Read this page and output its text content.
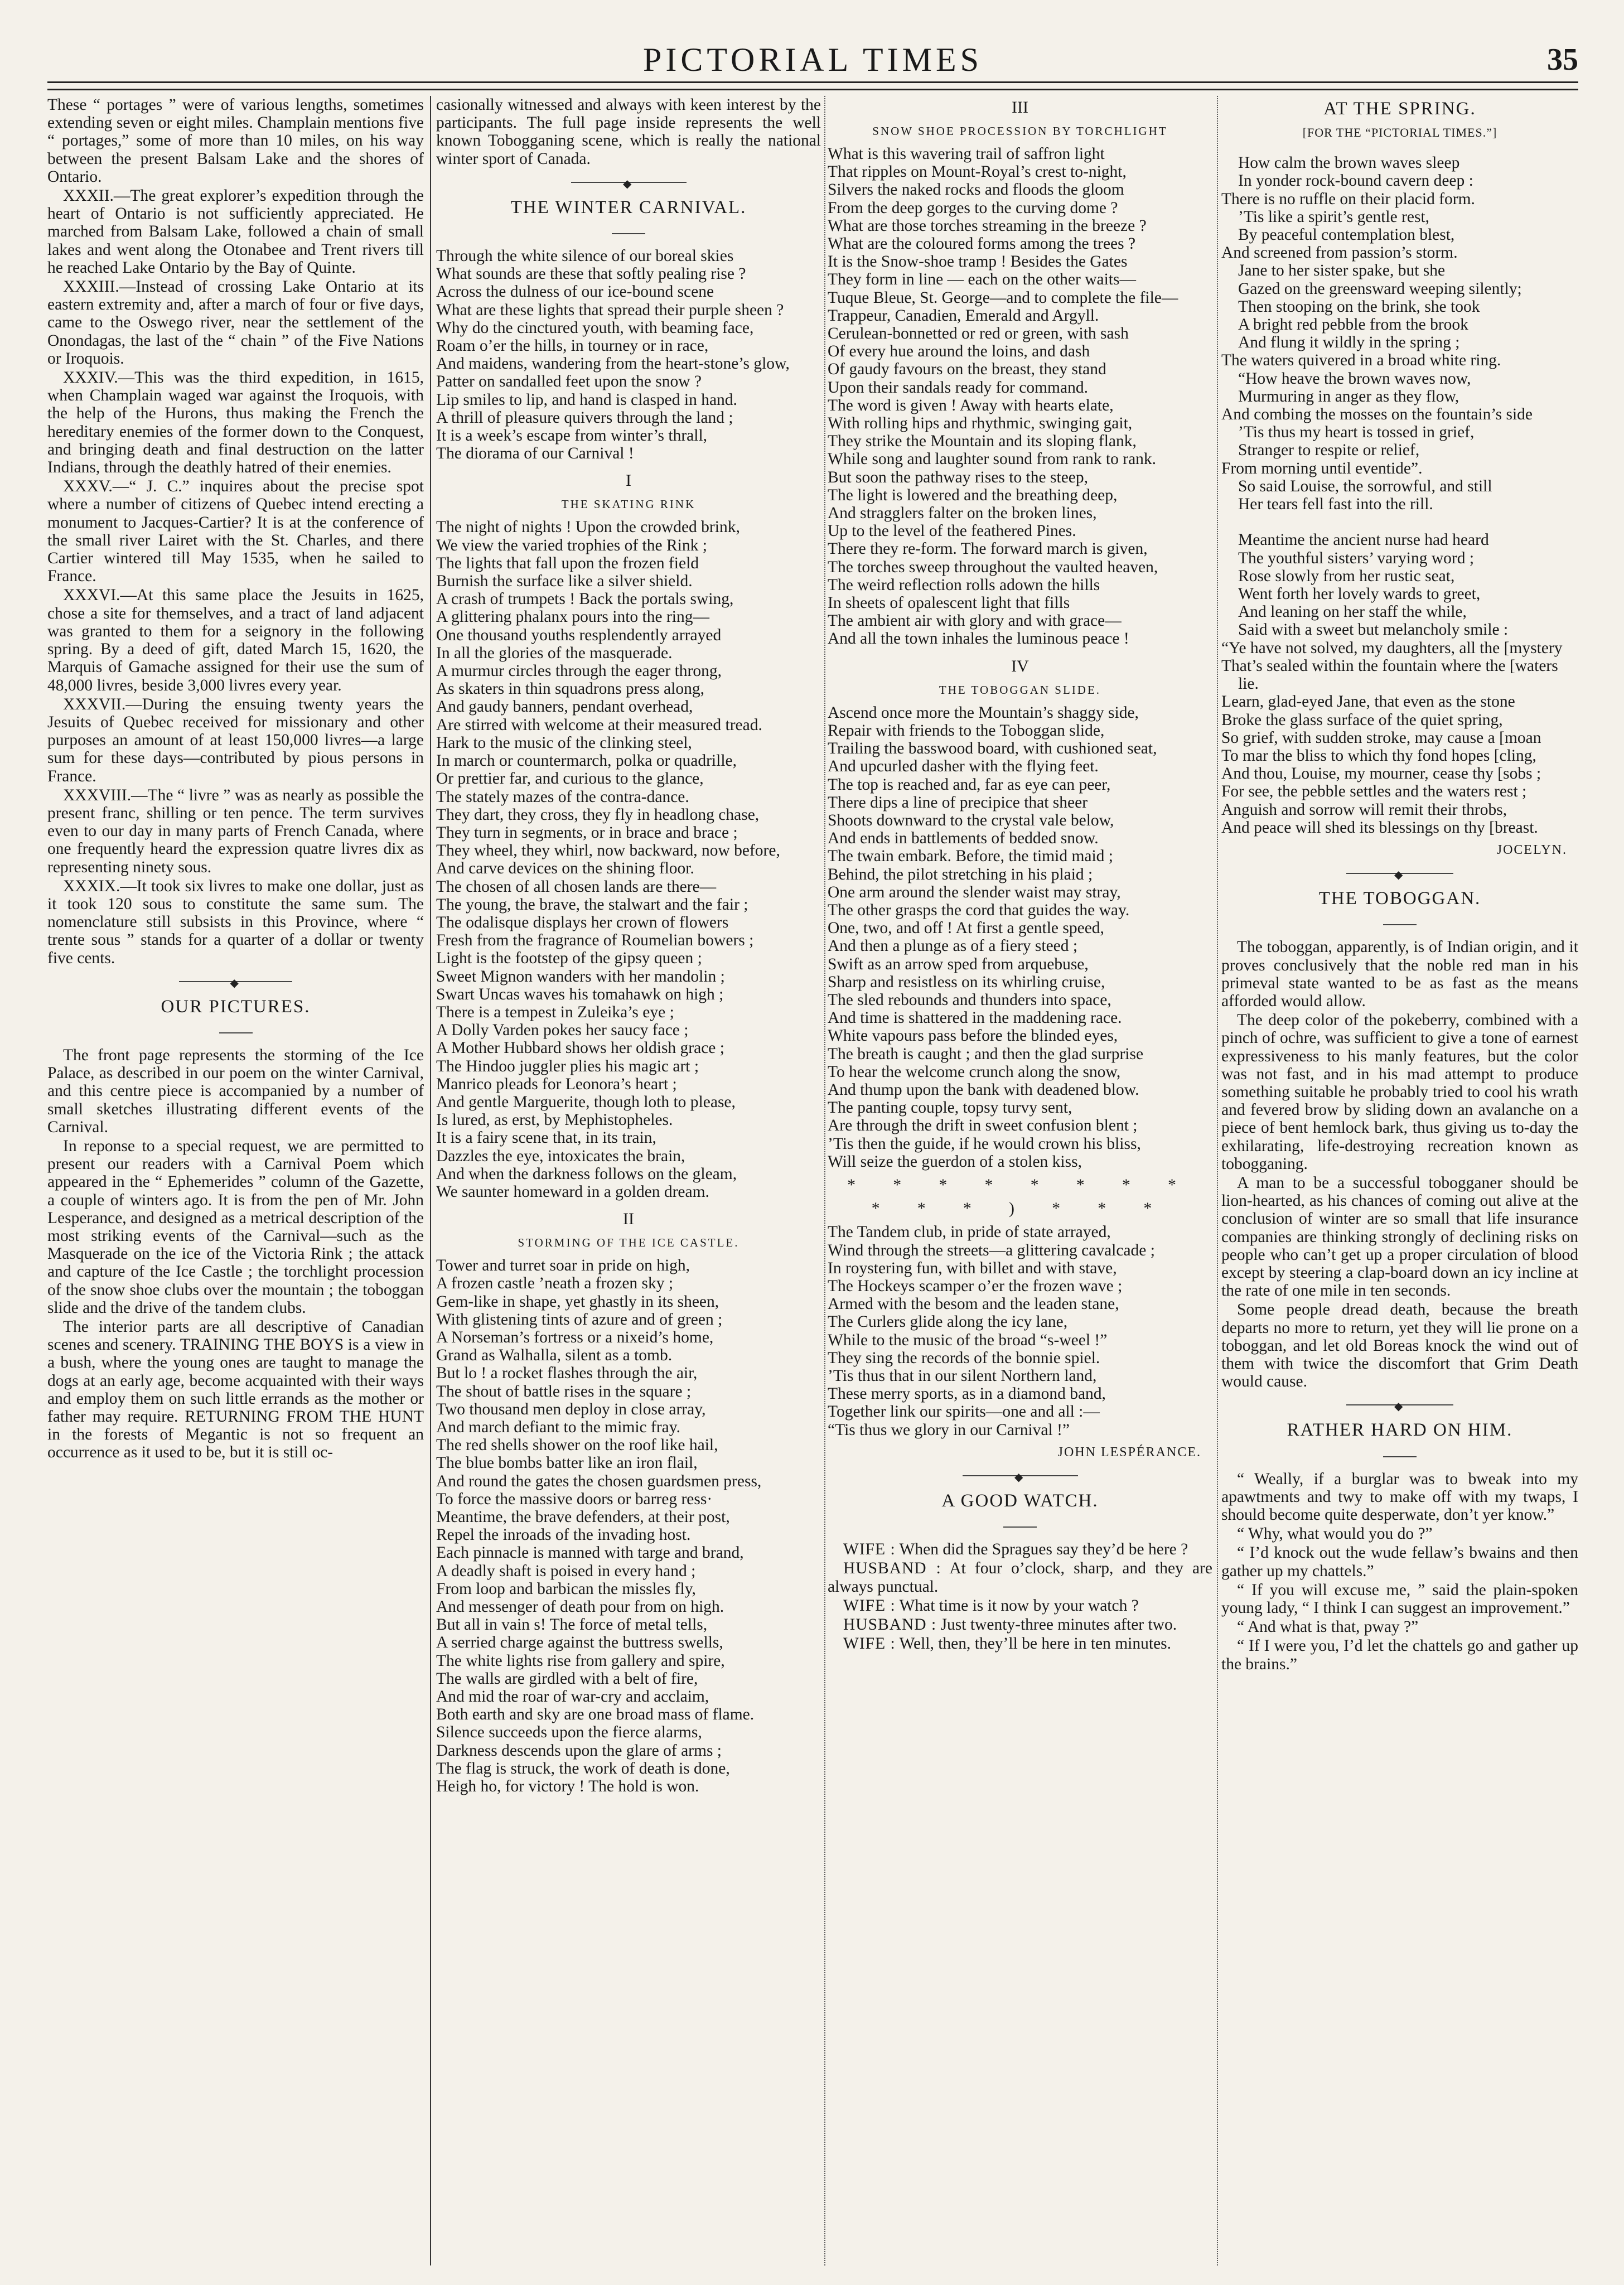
PICTORIAL TIMES	35

These “ portages ” were of various lengths, sometimes extending seven or eight miles. Champlain mentions five “ portages,” some of more than 10 miles, on his way between the present Balsam Lake and the shores of Ontario.

XXXII.—The great explorer’s expedition through the heart of Ontario is not sufficiently appreciated. He marched from Balsam Lake, followed a chain of small lakes and went along the Otonabee and Trent rivers till he reached Lake Ontario by the Bay of Quinte.

XXXIII.—Instead of crossing Lake Ontario at its eastern extremity and, after a march of four or five days, came to the Oswego river, near the settlement of the Onondagas, the last of the “ chain ” of the Five Nations or Iroquois.

XXXIV.—This was the third expedition, in 1615, when Champlain waged war against the Iroquois, with the help of the Hurons, thus making the French the hereditary enemies of the former down to the Conquest, and bringing death and final destruction on the latter Indians, through the deathly hatred of their enemies.

XXXV.—“ J. C.” inquires about the precise spot where a number of citizens of Quebec intend erecting a monument to Jacques-Cartier? It is at the conference of the small river Lairet with the St. Charles, and there Cartier wintered till May 1535, when he sailed to France.

XXXVI.—At this same place the Jesuits in 1625, chose a site for themselves, and a tract of land adjacent was granted to them for a seignory in the following spring. By a deed of gift, dated March 15, 1620, the Marquis of Gamache assigned for their use the sum of 48,000 livres, beside 3,000 livres every year.

XXXVII.—During the ensuing twenty years the Jesuits of Quebec received for missionary and other purposes an amount of at least 150,000 livres—a large sum for these days—contributed by pious persons in France.

XXXVIII.—The “ livre ” was as nearly as possible the present franc, shilling or ten pence. The term survives even to our day in many parts of French Canada, where one frequently heard the expression quatre livres dix as representing ninety sous.

XXXIX.—It took six livres to make one dollar, just as it took 120 sous to constitute the same sum. The nomenclature still subsists in this Province, where “ trente sous ” stands for a quarter of a dollar or twenty five cents.

◆
OUR PICTURES.

The front page represents the storming of the Ice Palace, as described in our poem on the winter Carnival, and this centre piece is accompanied by a number of small sketches illustrating different events of the Carnival.

In reponse to a special request, we are permitted to present our readers with a Carnival Poem which appeared in the “ Ephemerides ” column of the Gazette, a couple of winters ago. It is from the pen of Mr. John Lesperance, and designed as a metrical description of the most striking events of the Carnival—such as the Masquerade on the ice of the Victoria Rink ; the attack and capture of the Ice Castle ; the torchlight procession of the snow shoe clubs over the mountain ; the toboggan slide and the drive of the tandem clubs.

The interior parts are all descriptive of Canadian scenes and scenery. TRAINING THE BOYS is a view in a bush, where the young ones are taught to manage the dogs at an early age, become acquainted with their ways and employ them on such little errands as the mother or father may require. RETURNING FROM THE HUNT in the forests of Megantic is not so frequent an occurrence as it used to be, but it is still oc-

casionally witnessed and always with keen interest by the participants. The full page inside represents the well known Tobogganing scene, which is really the national winter sport of Canada.

◆
THE WINTER CARNIVAL.
Through the white silence of our boreal skies
What sounds are these that softly pealing rise ?
Across the dulness of our ice-bound scene
What are these lights that spread their purple sheen ?
Why do the cinctured youth, with beaming face,
Roam o’er the hills, in tourney or in race,
And maidens, wandering from the heart-stone’s glow,
Patter on sandalled feet upon the snow ?
Lip smiles to lip, and hand is clasped in hand.
A thrill of pleasure quivers through the land ;
It is a week’s escape from winter’s thrall,
The diorama of our Carnival !
I
THE SKATING RINK
The night of nights ! Upon the crowded brink,
We view the varied trophies of the Rink ;
The lights that fall upon the frozen field
Burnish the surface like a silver shield.
A crash of trumpets ! Back the portals swing,
A glittering phalanx pours into the ring—
One thousand youths resplendently arrayed
In all the glories of the masquerade.
A murmur circles through the eager throng,
As skaters in thin squadrons press along,
And gaudy banners, pendant overhead,
Are stirred with welcome at their measured tread.
Hark to the music of the clinking steel,
In march or countermarch, polka or quadrille,
Or prettier far, and curious to the glance,
The stately mazes of the contra-dance.
They dart, they cross, they fly in headlong chase,
They turn in segments, or in brace and brace ;
They wheel, they whirl, now backward, now before,
And carve devices on the shining floor.
The chosen of all chosen lands are there—
The young, the brave, the stalwart and the fair ;
The odalisque displays her crown of flowers
Fresh from the fragrance of Roumelian bowers ;
Light is the footstep of the gipsy queen ;
Sweet Mignon wanders with her mandolin ;
Swart Uncas waves his tomahawk on high ;
There is a tempest in Zuleika’s eye ;
A Dolly Varden pokes her saucy face ;
A Mother Hubbard shows her oldish grace ;
The Hindoo juggler plies his magic art ;
Manrico pleads for Leonora’s heart ;
And gentle Marguerite, though loth to please,
Is lured, as erst, by Mephistopheles.
It is a fairy scene that, in its train,
Dazzles the eye, intoxicates the brain,
And when the darkness follows on the gleam,
We saunter homeward in a golden dream.
II
STORMING OF THE ICE CASTLE.
Tower and turret soar in pride on high,
A frozen castle ’neath a frozen sky ;
Gem-like in shape, yet ghastly in its sheen,
With glistening tints of azure and of green ;
A Norseman’s fortress or a nixeid’s home,
Grand as Walhalla, silent as a tomb.
But lo ! a rocket flashes through the air,
The shout of battle rises in the square ;
Two thousand men deploy in close array,
And march defiant to the mimic fray.
The red shells shower on the roof like hail,
The blue bombs batter like an iron flail,
And round the gates the chosen guardsmen press,
To force the massive doors or barreg ress·
Meantime, the brave defenders, at their post,
Repel the inroads of the invading host.
Each pinnacle is manned with targe and brand,
A deadly shaft is poised in every hand ;
From loop and barbican the missles fly,
And messenger of death pour from on high.
But all in vain s! The force of metal tells,
A serried charge against the buttress swells,
The white lights rise from gallery and spire,
The walls are girdled with a belt of fire,
And mid the roar of war-cry and acclaim,
Both earth and sky are one broad mass of flame.
Silence succeeds upon the fierce alarms,
Darkness descends upon the glare of arms ;
The flag is struck, the work of death is done,
Heigh ho, for victory ! The hold is won.
III
SNOW SHOE PROCESSION BY TORCHLIGHT
What is this wavering trail of saffron light
That ripples on Mount-Royal’s crest to-night,
Silvers the naked rocks and floods the gloom
From the deep gorges to the curving dome ?
What are those torches streaming in the breeze ?
What are the coloured forms among the trees ?
It is the Snow-shoe tramp ! Besides the Gates
They form in line — each on the other waits—
Tuque Bleue, St. George—and to complete the file—
Trappeur, Canadien, Emerald and Argyll.
Cerulean-bonnetted or red or green, with sash
Of every hue around the loins, and dash
Of gaudy favours on the breast, they stand
Upon their sandals ready for command.
The word is given ! Away with hearts elate,
With rolling hips and rhythmic, swinging gait,
They strike the Mountain and its sloping flank,
While song and laughter sound from rank to rank.
But soon the pathway rises to the steep,
The light is lowered and the breathing deep,
And stragglers falter on the broken lines,
Up to the level of the feathered Pines.
There they re-form. The forward march is given,
The torches sweep throughout the vaulted heaven,
The weird reflection rolls adown the hills
In sheets of opalescent light that fills
The ambient air with glory and with grace—
And all the town inhales the luminous peace !
IV
THE TOBOGGAN SLIDE.
Ascend once more the Mountain’s shaggy side,
Repair with friends to the Toboggan slide,
Trailing the basswood board, with cushioned seat,
And upcurled dasher with the flying feet.
The top is reached and, far as eye can peer,
There dips a line of precipice that sheer
Shoots downward to the crystal vale below,
And ends in battlements of bedded snow.
The twain embark. Before, the timid maid ;
Behind, the pilot stretching in his plaid ;
One arm around the slender waist may stray,
The other grasps the cord that guides the way.
One, two, and off ! At first a gentle speed,
And then a plunge as of a fiery steed ;
Swift as an arrow sped from arquebuse,
Sharp and resistless on its whirling cruise,
The sled rebounds and thunders into space,
And time is shattered in the maddening race.
White vapours pass before the blinded eyes,
The breath is caught ; and then the glad surprise
To hear the welcome crunch along the snow,
And thump upon the bank with deadened blow.
The panting couple, topsy turvy sent,
Are through the drift in sweet confusion blent ;
’Tis then the guide, if he would crown his bliss,
Will seize the guerdon of a stolen kiss,
* * * * * * * *
* * * ) * * *
The Tandem club, in pride of state arrayed,
Wind through the streets—a glittering cavalcade ;
In roystering fun, with billet and with stave,
The Hockeys scamper o’er the frozen wave ;
Armed with the besom and the leaden stane,
The Curlers glide along the icy lane,
While to the music of the broad “s-weel !”
They sing the records of the bonnie spiel.
’Tis thus that in our silent Northern land,
These merry sports, as in a diamond band,
Together link our spirits—one and all :—
“Tis thus we glory in our Carnival !”
JOHN LESPÉRANCE.
◆
A GOOD WATCH.

WIFE : When did the Spragues say they’d be here ?

HUSBAND : At four o’clock, sharp, and they are always punctual.

WIFE : What time is it now by your watch ?

HUSBAND : Just twenty-three minutes after two.

WIFE : Well, then, they’ll be here in ten minutes.

AT THE SPRING.
[FOR THE “PICTORIAL TIMES.”]
How calm the brown waves sleep
In yonder rock-bound cavern deep :
There is no ruffle on their placid form.
’Tis like a spirit’s gentle rest,
By peaceful contemplation blest,
And screened from passion’s storm.
Jane to her sister spake, but she
Gazed on the greensward weeping silently;
Then stooping on the brink, she took
A bright red pebble from the brook
And flung it wildly in the spring ;
The waters quivered in a broad white ring.
“How heave the brown waves now,
Murmuring in anger as they flow,
And combing the mosses on the fountain’s side
’Tis thus my heart is tossed in grief,
Stranger to respite or relief,
From morning until eventide”.
So said Louise, the sorrowful, and still
Her tears fell fast into the rill.

Meantime the ancient nurse had heard
The youthful sisters’ varying word ;
Rose slowly from her rustic seat,
Went forth her lovely wards to greet,
And leaning on her staff the while,
Said with a sweet but melancholy smile :
“Ye have not solved, my daughters, all the [mystery
That’s sealed within the fountain where the [waters lie.
Learn, glad-eyed Jane, that even as the stone
Broke the glass surface of the quiet spring,
So grief, with sudden stroke, may cause a [moan
To mar the bliss to which thy fond hopes [cling,
And thou, Louise, my mourner, cease thy [sobs ;
For see, the pebble settles and the waters rest ;
Anguish and sorrow will remit their throbs,
And peace will shed its blessings on thy [breast.
JOCELYN.
◆
THE TOBOGGAN.

The toboggan, apparently, is of Indian origin, and it proves conclusively that the noble red man in his primeval state wanted to be as fast as the means afforded would allow.

The deep color of the pokeberry, combined with a pinch of ochre, was sufficient to give a tone of earnest expressiveness to his manly features, but the color was not fast, and in his mad attempt to produce something suitable he probably tried to cool his wrath and fevered brow by sliding down an avalanche on a piece of bent hemlock bark, thus giving us to-day the exhilarating, life-destroying recreation known as tobogganing.

A man to be a successful tobogganer should be lion-hearted, as his chances of coming out alive at the conclusion of winter are so small that life insurance companies are thinking strongly of declining risks on people who can’t get up a proper circulation of blood except by steering a clap-board down an icy incline at the rate of one mile in ten seconds.

Some people dread death, because the breath departs no more to return, yet they will lie prone on a toboggan, and let old Boreas knock the wind out of them with twice the discomfort that Grim Death would cause.

◆
RATHER HARD ON HIM.

“ Weally, if a burglar was to bweak into my apawtments and twy to make off with my twaps, I should become quite desperwate, don’t yer know.”

“ Why, what would you do ?”

“ I’d knock out the wude fellaw’s bwains and then gather up my chattels.”

“ If you will excuse me, ” said the plain-spoken young lady, “ I think I can suggest an improvement.”

“ And what is that, pway ?”

“ If I were you, I’d let the chattels go and gather up the brains.”
